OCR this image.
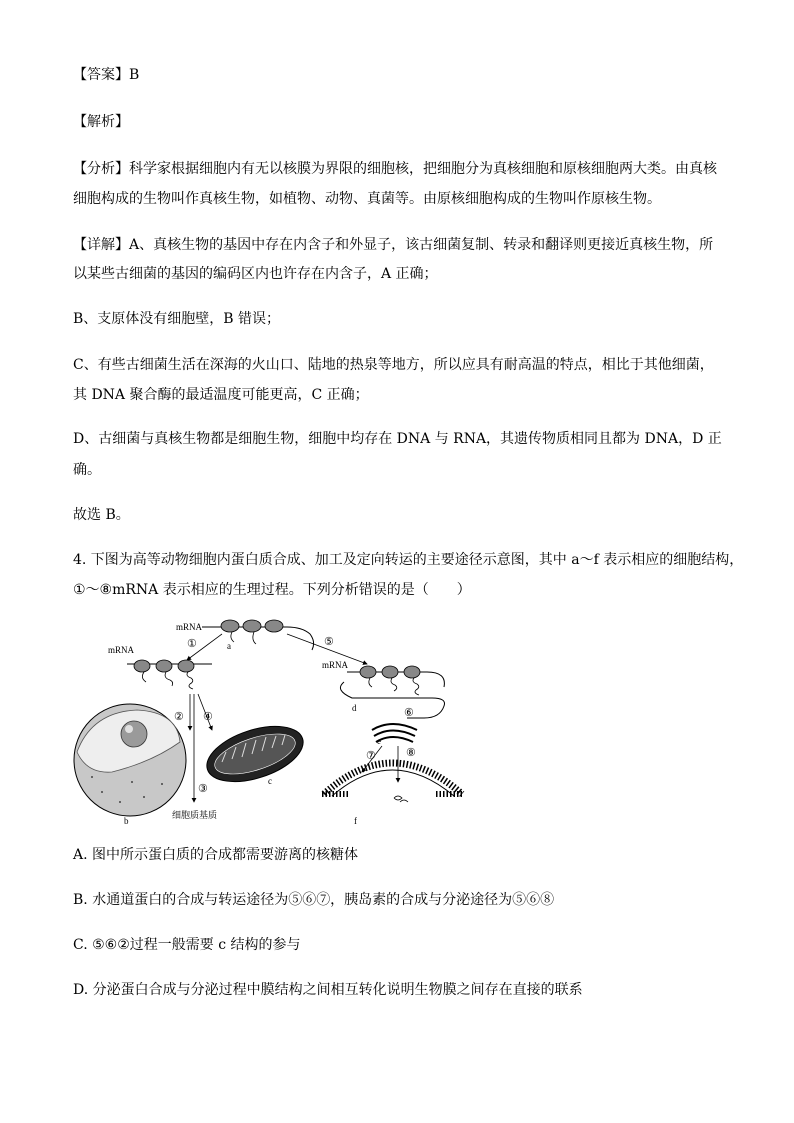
【答案】B
【解析】
【分析】科学家根据细胞内有无以核膜为界限的细胞核，把细胞分为真核细胞和原核细胞两大类。由真核
细胞构成的生物叫作真核生物，如植物、动物、真菌等。由原核细胞构成的生物叫作原核生物。
【详解】A、真核生物的基因中存在内含子和外显子，该古细菌复制、转录和翻译则更接近真核生物，所
以某些古细菌的基因的编码区内也许存在内含子，A 正确；
B、支原体没有细胞壁，B 错误；
C、有些古细菌生活在深海的火山口、陆地的热泉等地方，所以应具有耐高温的特点，相比于其他细菌，
其 DNA 聚合酶的最适温度可能更高，C 正确；
D、古细菌与真核生物都是细胞生物，细胞中均存在 DNA 与 RNA，其遗传物质相同且都为 DNA，D 正
确。
故选 B。
4. 下图为高等动物细胞内蛋白质合成、加工及定向转运的主要途径示意图，其中 a～f 表示相应的细胞结构，
①～⑧mRNA 表示相应的生理过程。下列分析错误的是（　　）
mRNA
a
①	⑤
mRNA
② ④
③
细胞质基质
b
c
mRNA
d	⑥
e
⑦	⑧
f
A. 图中所示蛋白质的合成都需要游离的核糖体
B. 水通道蛋白的合成与转运途径为⑤⑥⑦，胰岛素的合成与分泌途径为⑤⑥⑧
C. ⑤⑥②过程一般需要 c 结构的参与
D. 分泌蛋白合成与分泌过程中膜结构之间相互转化说明生物膜之间存在直接的联系
